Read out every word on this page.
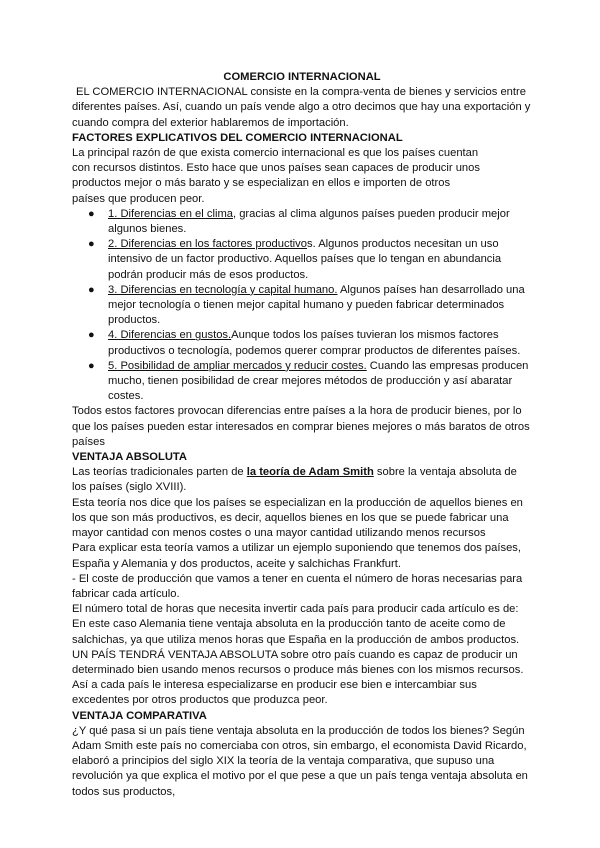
COMERCIO INTERNACIONAL
EL COMERCIO INTERNACIONAL consiste en la compra-venta de bienes y servicios entre
diferentes países. Así, cuando un país vende algo a otro decimos que hay una exportación y
cuando compra del exterior hablaremos de importación.
FACTORES EXPLICATIVOS DEL COMERCIO INTERNACIONAL
La principal razón de que exista comercio internacional es que los países cuentan
con recursos distintos. Esto hace que unos países sean capaces de producir unos
productos mejor o más barato y se especializan en ellos e importen de otros
países que producen peor.
● 1. Diferencias en el clima, gracias al clima algunos países pueden producir mejor
algunos bienes.
● 2. Diferencias en los factores productivos. Algunos productos necesitan un uso
intensivo de un factor productivo. Aquellos países que lo tengan en abundancia
podrán producir más de esos productos.
● 3. Diferencias en tecnología y capital humano. Algunos países han desarrollado una
mejor tecnología o tienen mejor capital humano y pueden fabricar determinados
productos.
● 4. Diferencias en gustos.Aunque todos los países tuvieran los mismos factores
productivos o tecnología, podemos querer comprar productos de diferentes países.
● 5. Posibilidad de ampliar mercados y reducir costes. Cuando las empresas producen
mucho, tienen posibilidad de crear mejores métodos de producción y así abaratar
costes.
Todos estos factores provocan diferencias entre países a la hora de producir bienes, por lo
que los países pueden estar interesados en comprar bienes mejores o más baratos de otros
países
VENTAJA ABSOLUTA
Las teorías tradicionales parten de la teoría de Adam Smith sobre la ventaja absoluta de
los países (siglo XVIII).
Esta teoría nos dice que los países se especializan en la producción de aquellos bienes en
los que son más productivos, es decir, aquellos bienes en los que se puede fabricar una
mayor cantidad con menos costes o una mayor cantidad utilizando menos recursos
Para explicar esta teoría vamos a utilizar un ejemplo suponiendo que tenemos dos países,
España y Alemania y dos productos, aceite y salchichas Frankfurt.
- El coste de producción que vamos a tener en cuenta el número de horas necesarias para
fabricar cada artículo.
El número total de horas que necesita invertir cada país para producir cada artículo es de:
En este caso Alemania tiene ventaja absoluta en la producción tanto de aceite como de
salchichas, ya que utiliza menos horas que España en la producción de ambos productos.
UN PAÍS TENDRÁ VENTAJA ABSOLUTA sobre otro país cuando es capaz de producir un
determinado bien usando menos recursos o produce más bienes con los mismos recursos.
Así a cada país le interesa especializarse en producir ese bien e intercambiar sus
excedentes por otros productos que produzca peor.
VENTAJA COMPARATIVA
¿Y qué pasa si un país tiene ventaja absoluta en la producción de todos los bienes? Según
Adam Smith este país no comerciaba con otros, sin embargo, el economista David Ricardo,
elaboró a principios del siglo XIX la teoría de la ventaja comparativa, que supuso una
revolución ya que explica el motivo por el que pese a que un país tenga ventaja absoluta en
todos sus productos,
